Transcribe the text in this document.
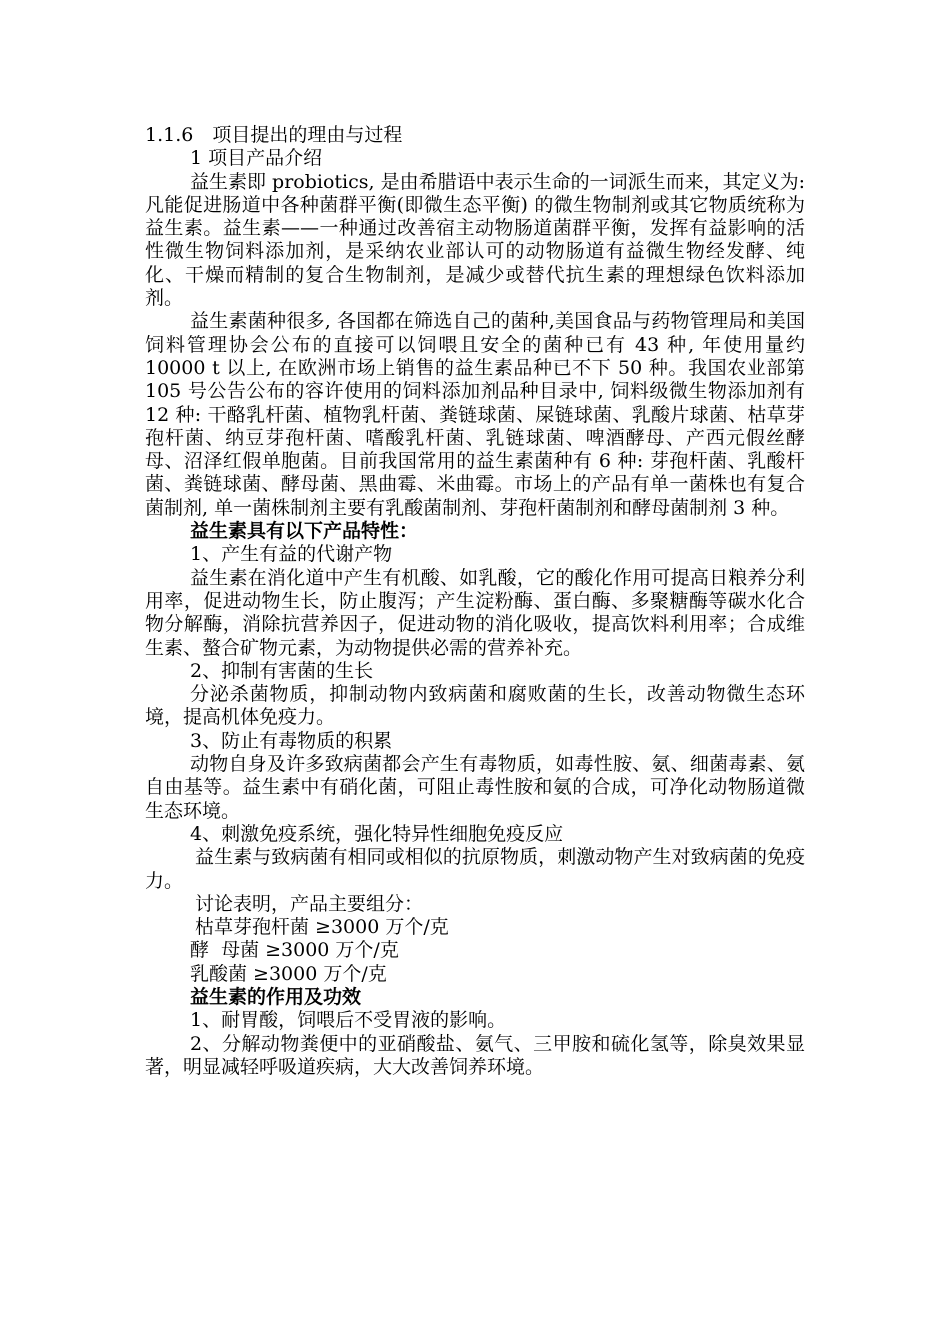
1.1.6　项目提出的理由与过程

1 项目产品介绍

益生素即 probiotics, 是由希腊语中表示生命的一词派生而来，其定义为: 凡能促进肠道中各种菌群平衡(即微生态平衡) 的微生物制剂或其它物质统称为益生素。益生素——一种通过改善宿主动物肠道菌群平衡，发挥有益影响的活性微生物饲料添加剂，是采纳农业部认可的动物肠道有益微生物经发酵、纯化、干燥而精制的复合生物制剂，是减少或替代抗生素的理想绿色饮料添加剂。

益生素菌种很多, 各国都在筛选自己的菌种,美国食品与药物管理局和美国饲料管理协会公布的直接可以饲喂且安全的菌种已有 43 种, 年使用量约 10000 t 以上, 在欧洲市场上销售的益生素品种已不下 50 种。我国农业部第 105 号公告公布的容许使用的饲料添加剂品种目录中, 饲料级微生物添加剂有 12 种: 干酪乳杆菌、植物乳杆菌、粪链球菌、屎链球菌、乳酸片球菌、枯草芽孢杆菌、纳豆芽孢杆菌、嗜酸乳杆菌、乳链球菌、啤酒酵母、产西元假丝酵母、沼泽红假单胞菌。目前我国常用的益生素菌种有 6 种: 芽孢杆菌、乳酸杆菌、粪链球菌、酵母菌、黑曲霉、米曲霉。市场上的产品有单一菌株也有复合菌制剂, 单一菌株制剂主要有乳酸菌制剂、芽孢杆菌制剂和酵母菌制剂 3 种。

益生素具有以下产品特性：

1、产生有益的代谢产物

益生素在消化道中产生有机酸、如乳酸，它的酸化作用可提高日粮养分利用率，促进动物生长，防止腹泻；产生淀粉酶、蛋白酶、多聚糖酶等碳水化合物分解酶，消除抗营养因子，促进动物的消化吸收，提高饮料利用率；合成维生素、螯合矿物元素，为动物提供必需的营养补充。

2、抑制有害菌的生长

分泌杀菌物质，抑制动物内致病菌和腐败菌的生长，改善动物微生态环境，提高机体免疫力。

3、防止有毒物质的积累

动物自身及许多致病菌都会产生有毒物质，如毒性胺、氨、细菌毒素、氨自由基等。益生素中有硝化菌，可阻止毒性胺和氨的合成，可净化动物肠道微生态环境。

4、刺激免疫系统，强化特异性细胞免疫反应

益生素与致病菌有相同或相似的抗原物质，刺激动物产生对致病菌的免疫力。

讨论表明，产品主要组分：

枯草芽孢杆菌 ≥3000 万个/克

酵  母菌 ≥3000 万个/克

乳酸菌 ≥3000 万个/克

益生素的作用及功效

1、耐胃酸，饲喂后不受胃液的影响。

2、分解动物粪便中的亚硝酸盐、氨气、三甲胺和硫化氢等，除臭效果显著，明显减轻呼吸道疾病，大大改善饲养环境。
